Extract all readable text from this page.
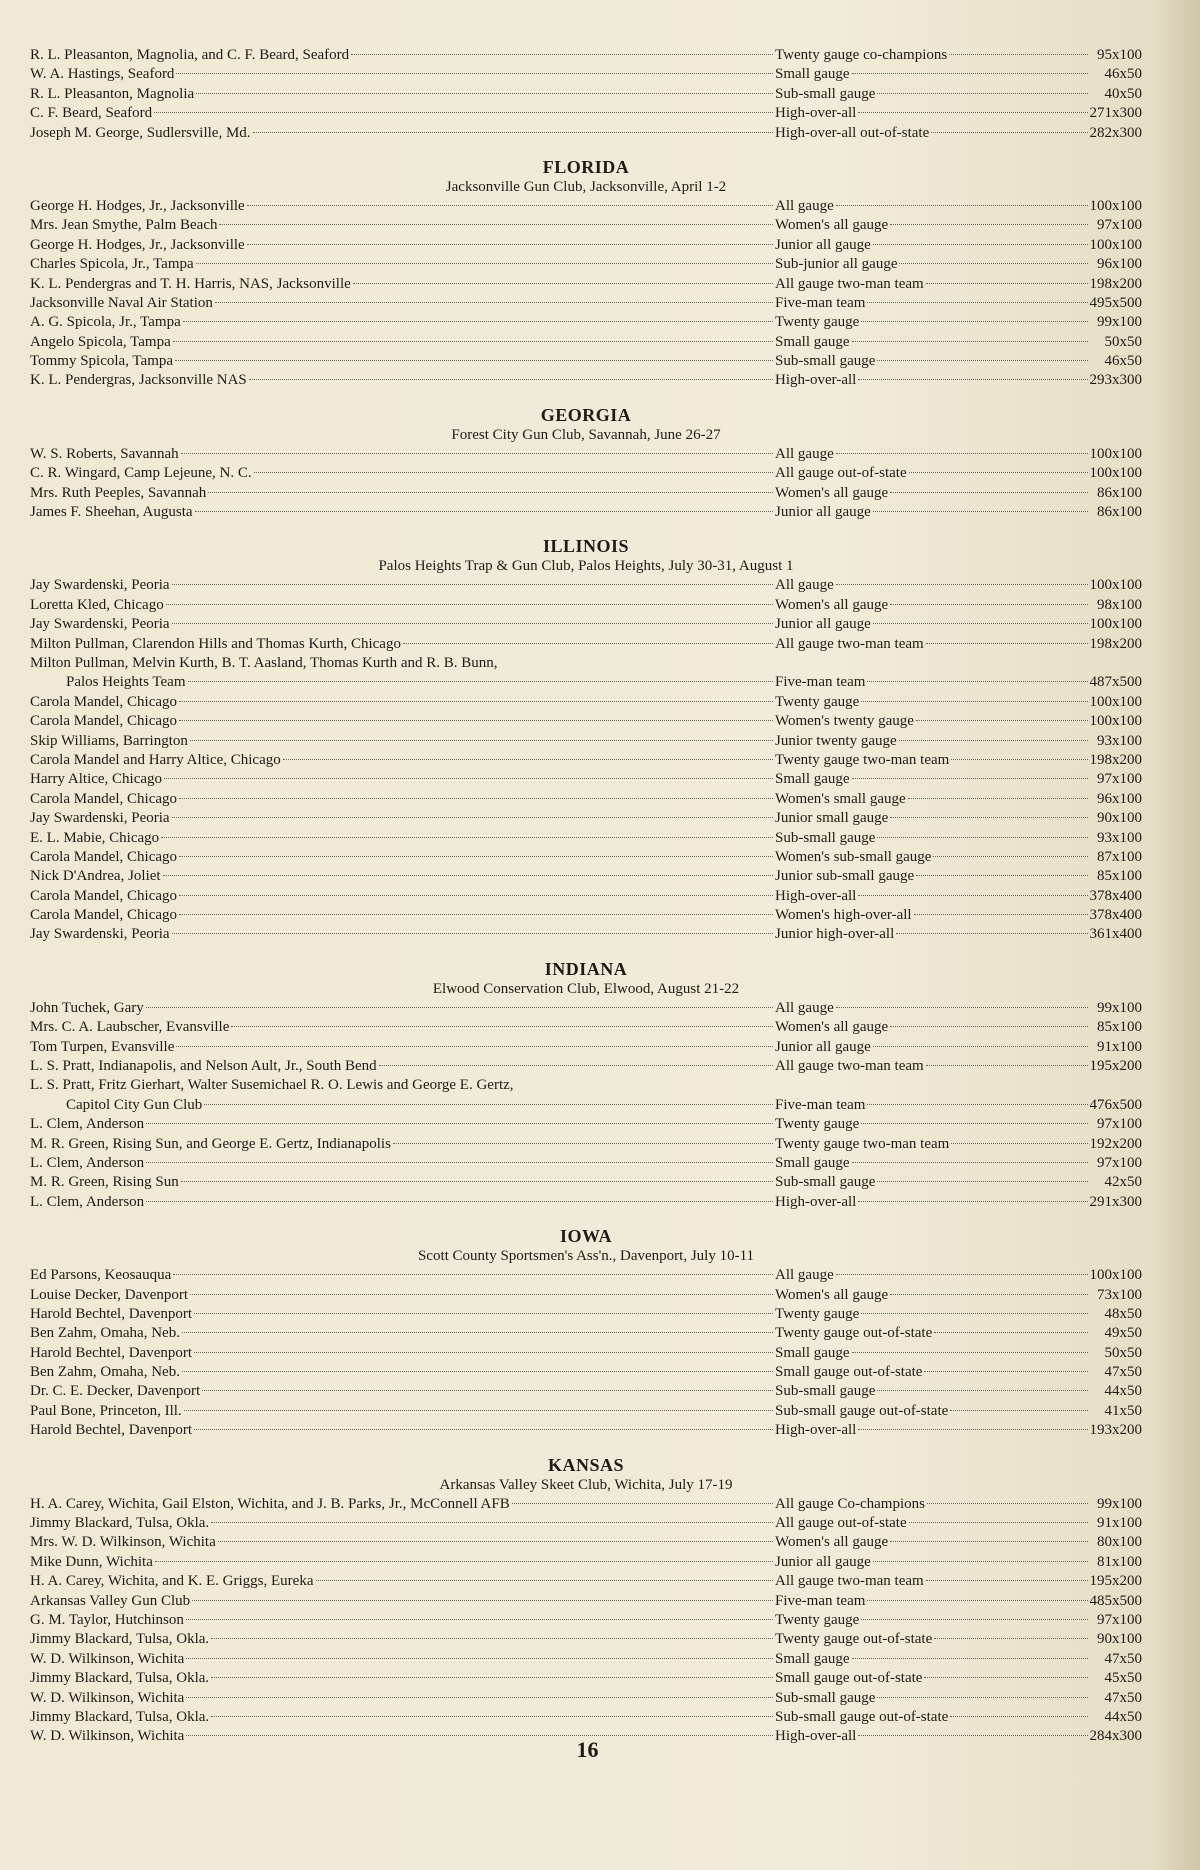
R. L. Pleasanton, Magnolia, and C. F. Beard, Seaford	Twenty gauge co-champions	95x100
W. A. Hastings, Seaford	Small gauge	46x50
R. L. Pleasanton, Magnolia	Sub-small gauge	40x50
C. F. Beard, Seaford	High-over-all	271x300
Joseph M. George, Sudlersville, Md.	High-over-all out-of-state	282x300
FLORIDA
Jacksonville Gun Club, Jacksonville, April 1-2
George H. Hodges, Jr., Jacksonville	All gauge	100x100
Mrs. Jean Smythe, Palm Beach	Women's all gauge	97x100
George H. Hodges, Jr., Jacksonville	Junior all gauge	100x100
Charles Spicola, Jr., Tampa	Sub-junior all gauge	96x100
K. L. Pendergras and T. H. Harris, NAS, Jacksonville	All gauge two-man team	198x200
Jacksonville Naval Air Station	Five-man team	495x500
A. G. Spicola, Jr., Tampa	Twenty gauge	99x100
Angelo Spicola, Tampa	Small gauge	50x50
Tommy Spicola, Tampa	Sub-small gauge	46x50
K. L. Pendergras, Jacksonville NAS	High-over-all	293x300
GEORGIA
Forest City Gun Club, Savannah, June 26-27
W. S. Roberts, Savannah	All gauge	100x100
C. R. Wingard, Camp Lejeune, N. C.	All gauge out-of-state	100x100
Mrs. Ruth Peeples, Savannah	Women's all gauge	86x100
James F. Sheehan, Augusta	Junior all gauge	86x100
ILLINOIS
Palos Heights Trap & Gun Club, Palos Heights, July 30-31, August 1
Jay Swardenski, Peoria	All gauge	100x100
Loretta Kled, Chicago	Women's all gauge	98x100
Jay Swardenski, Peoria	Junior all gauge	100x100
Milton Pullman, Clarendon Hills and Thomas Kurth, Chicago	All gauge two-man team	198x200
Milton Pullman, Melvin Kurth, B. T. Aasland, Thomas Kurth and R. B. Bunn,
Palos Heights Team	Five-man team	487x500
Carola Mandel, Chicago	Twenty gauge	100x100
Carola Mandel, Chicago	Women's twenty gauge	100x100
Skip Williams, Barrington	Junior twenty gauge	93x100
Carola Mandel and Harry Altice, Chicago	Twenty gauge two-man team	198x200
Harry Altice, Chicago	Small gauge	97x100
Carola Mandel, Chicago	Women's small gauge	96x100
Jay Swardenski, Peoria	Junior small gauge	90x100
E. L. Mabie, Chicago	Sub-small gauge	93x100
Carola Mandel, Chicago	Women's sub-small gauge	87x100
Nick D'Andrea, Joliet	Junior sub-small gauge	85x100
Carola Mandel, Chicago	High-over-all	378x400
Carola Mandel, Chicago	Women's high-over-all	378x400
Jay Swardenski, Peoria	Junior high-over-all	361x400
INDIANA
Elwood Conservation Club, Elwood, August 21-22
John Tuchek, Gary	All gauge	99x100
Mrs. C. A. Laubscher, Evansville	Women's all gauge	85x100
Tom Turpen, Evansville	Junior all gauge	91x100
L. S. Pratt, Indianapolis, and Nelson Ault, Jr., South Bend	All gauge two-man team	195x200
L. S. Pratt, Fritz Gierhart, Walter Susemichael R. O. Lewis and George E. Gertz,
Capitol City Gun Club	Five-man team	476x500
L. Clem, Anderson	Twenty gauge	97x100
M. R. Green, Rising Sun, and George E. Gertz, Indianapolis	Twenty gauge two-man team	192x200
L. Clem, Anderson	Small gauge	97x100
M. R. Green, Rising Sun	Sub-small gauge	42x50
L. Clem, Anderson	High-over-all	291x300
IOWA
Scott County Sportsmen's Ass'n., Davenport, July 10-11
Ed Parsons, Keosauqua	All gauge	100x100
Louise Decker, Davenport	Women's all gauge	73x100
Harold Bechtel, Davenport	Twenty gauge	48x50
Ben Zahm, Omaha, Neb.	Twenty gauge out-of-state	49x50
Harold Bechtel, Davenport	Small gauge	50x50
Ben Zahm, Omaha, Neb.	Small gauge out-of-state	47x50
Dr. C. E. Decker, Davenport	Sub-small gauge	44x50
Paul Bone, Princeton, Ill.	Sub-small gauge out-of-state	41x50
Harold Bechtel, Davenport	High-over-all	193x200
KANSAS
Arkansas Valley Skeet Club, Wichita, July 17-19
H. A. Carey, Wichita, Gail Elston, Wichita, and J. B. Parks, Jr., McConnell AFB	All gauge Co-champions	99x100
Jimmy Blackard, Tulsa, Okla.	All gauge out-of-state	91x100
Mrs. W. D. Wilkinson, Wichita	Women's all gauge	80x100
Mike Dunn, Wichita	Junior all gauge	81x100
H. A. Carey, Wichita, and K. E. Griggs, Eureka	All gauge two-man team	195x200
Arkansas Valley Gun Club	Five-man team	485x500
G. M. Taylor, Hutchinson	Twenty gauge	97x100
Jimmy Blackard, Tulsa, Okla.	Twenty gauge out-of-state	90x100
W. D. Wilkinson, Wichita	Small gauge	47x50
Jimmy Blackard, Tulsa, Okla.	Small gauge out-of-state	45x50
W. D. Wilkinson, Wichita	Sub-small gauge	47x50
Jimmy Blackard, Tulsa, Okla.	Sub-small gauge out-of-state	44x50
W. D. Wilkinson, Wichita	High-over-all	284x300
16
